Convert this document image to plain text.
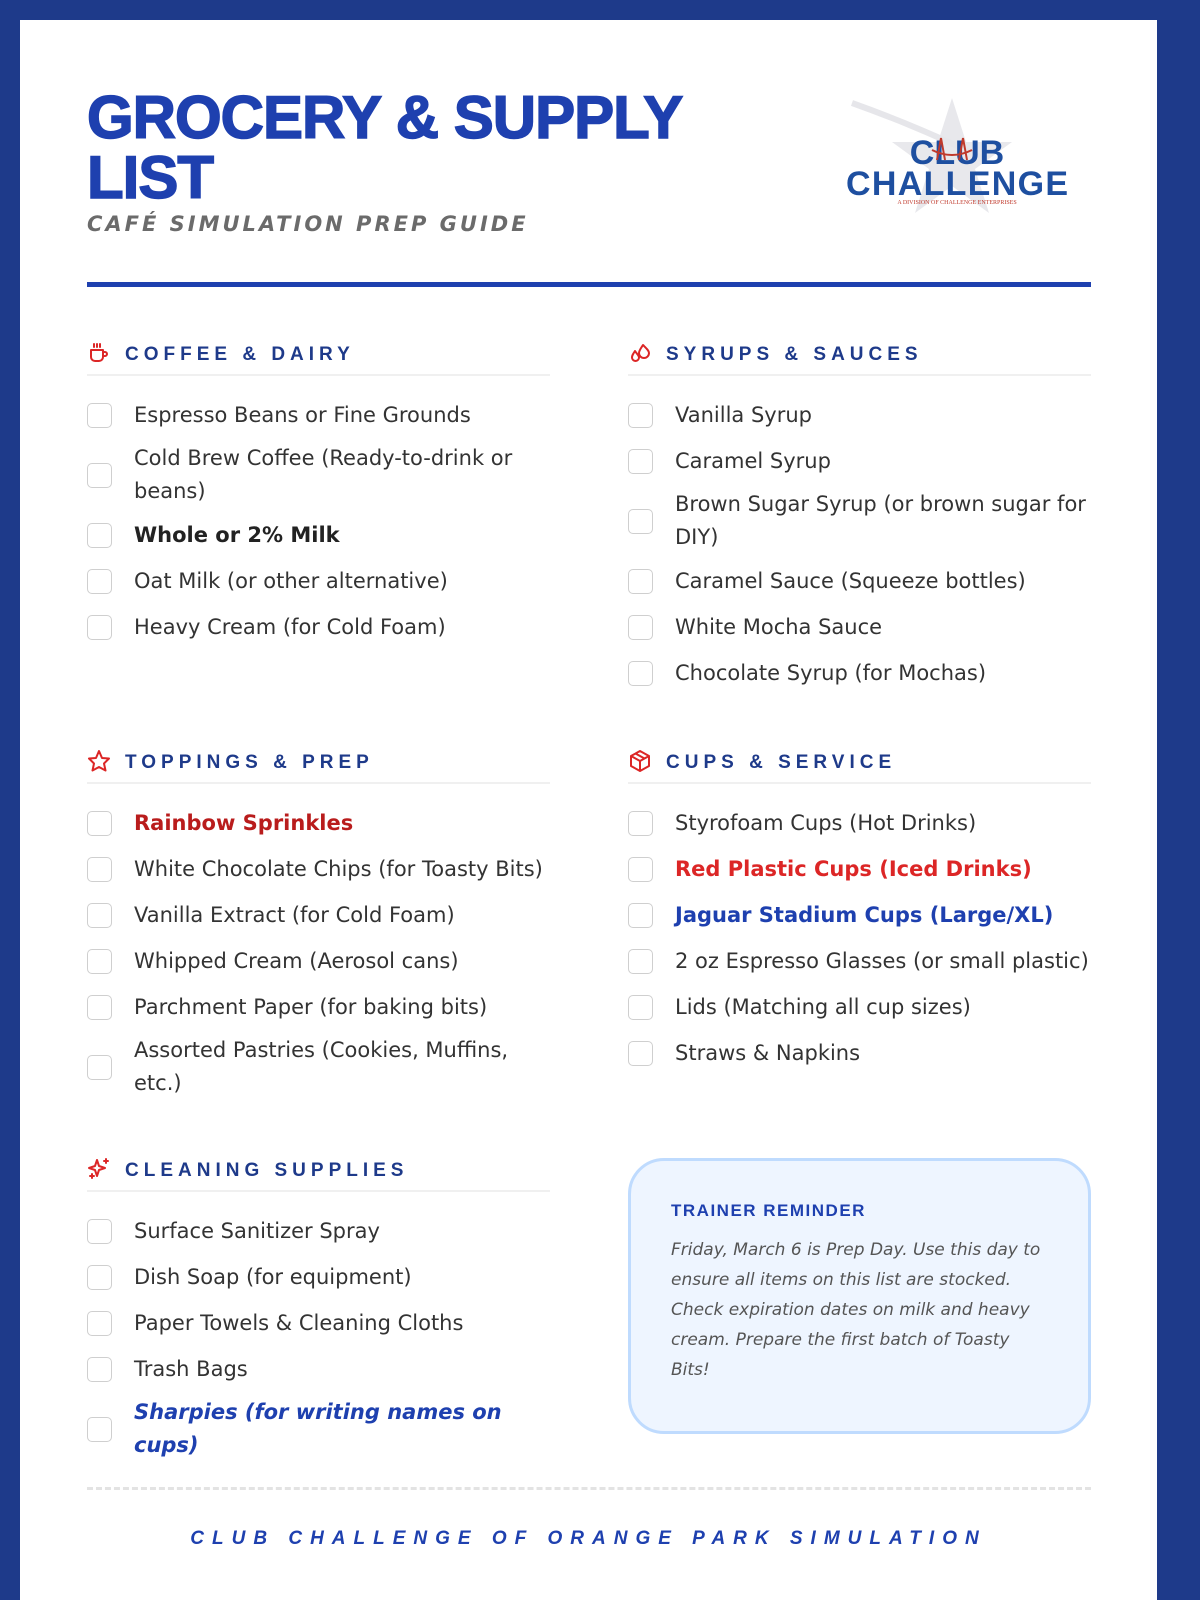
GROCERY & SUPPLY LIST
CAFÉ SIMULATION PREP GUIDE
CLUB
CHALLENGE
A DIVISION OF CHALLENGE ENTERPRISES
COFFEE & DAIRY
Espresso Beans or Fine Grounds
Cold Brew Coffee (Ready-to-drink or beans)
Whole or 2% Milk
Oat Milk (or other alternative)
Heavy Cream (for Cold Foam)
SYRUPS & SAUCES
Vanilla Syrup
Caramel Syrup
Brown Sugar Syrup (or brown sugar for DIY)
Caramel Sauce (Squeeze bottles)
White Mocha Sauce
Chocolate Syrup (for Mochas)
TOPPINGS & PREP
Rainbow Sprinkles
White Chocolate Chips (for Toasty Bits)
Vanilla Extract (for Cold Foam)
Whipped Cream (Aerosol cans)
Parchment Paper (for baking bits)
Assorted Pastries (Cookies, Muffins, etc.)
CUPS & SERVICE
Styrofoam Cups (Hot Drinks)
Red Plastic Cups (Iced Drinks)
Jaguar Stadium Cups (Large/XL)
2 oz Espresso Glasses (or small plastic)
Lids (Matching all cup sizes)
Straws & Napkins
CLEANING SUPPLIES
Surface Sanitizer Spray
Dish Soap (for equipment)
Paper Towels & Cleaning Cloths
Trash Bags
Sharpies (for writing names on cups)
TRAINER REMINDER
Friday, March 6 is Prep Day. Use this day to ensure all items on this list are stocked. Check expiration dates on milk and heavy cream. Prepare the first batch of Toasty Bits!
CLUB CHALLENGE OF ORANGE PARK SIMULATION
